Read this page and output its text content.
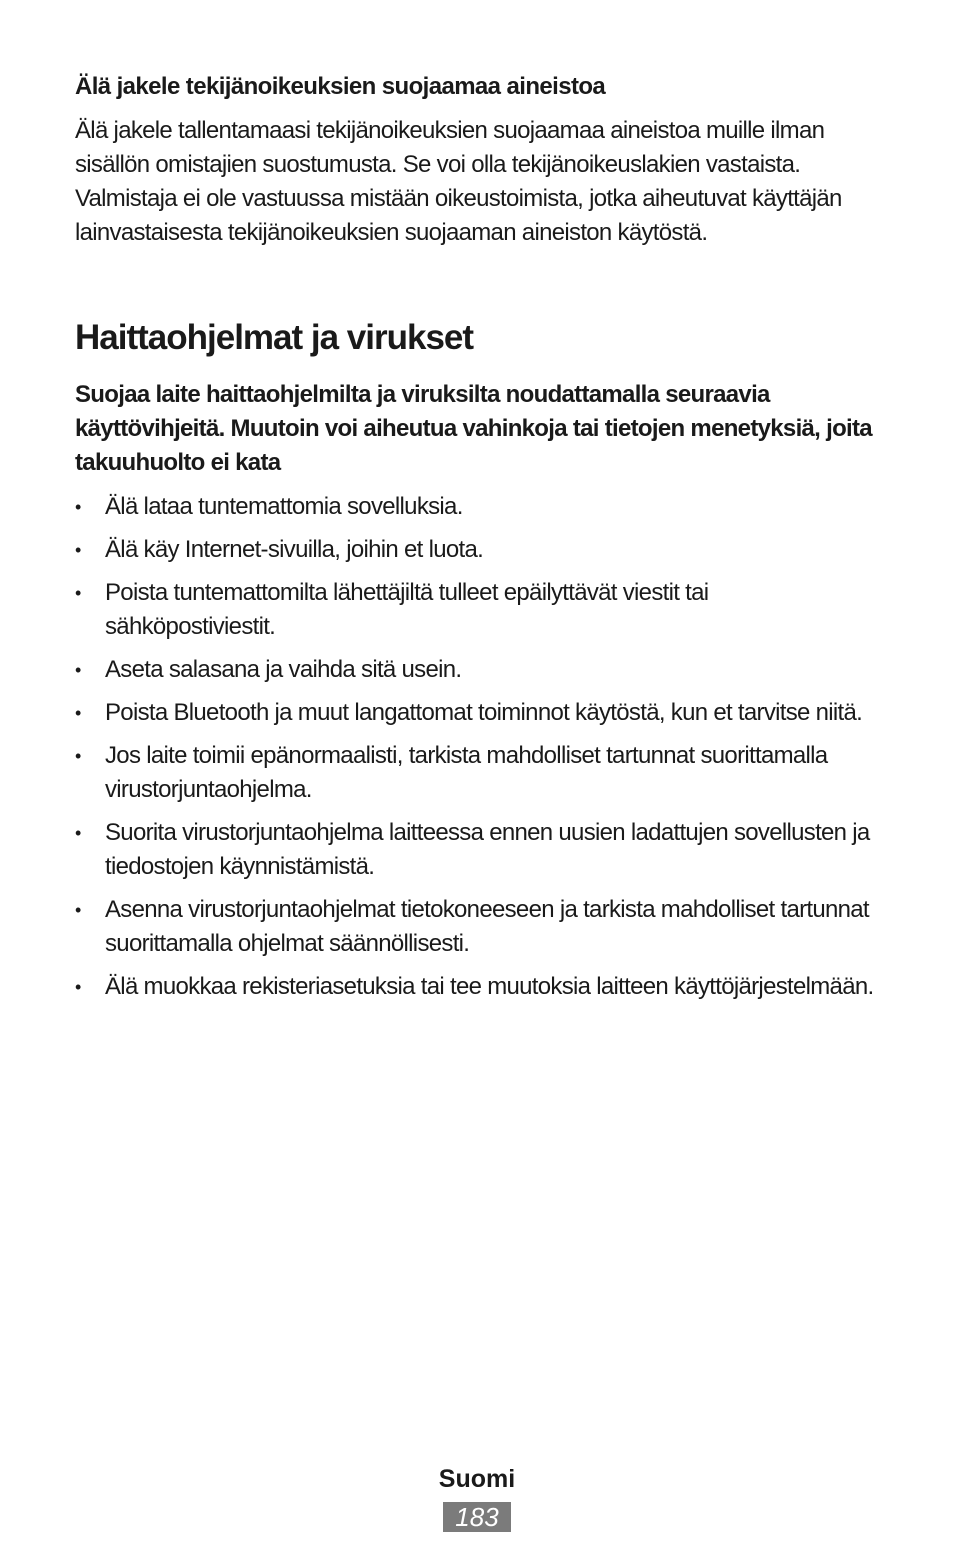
Älä jakele tekijänoikeuksien suojaamaa aineistoa

Älä jakele tallentamaasi tekijänoikeuksien suojaamaa aineistoa muille ilman sisällön omistajien suostumusta. Se voi olla tekijänoikeuslakien vastaista. Valmistaja ei ole vastuussa mistään oikeustoimista, jotka aiheutuvat käyttäjän lainvastaisesta tekijänoikeuksien suojaaman aineiston käytöstä.

Haittaohjelmat ja virukset

Suojaa laite haittaohjelmilta ja viruksilta noudattamalla seuraavia käyttövihjeitä. Muutoin voi aiheutua vahinkoja tai tietojen menetyksiä, joita takuuhuolto ei kata

• Älä lataa tuntemattomia sovelluksia.
• Älä käy Internet-sivuilla, joihin et luota.
• Poista tuntemattomilta lähettäjiltä tulleet epäilyttävät viestit tai sähköpostiviestit.
• Aseta salasana ja vaihda sitä usein.
• Poista Bluetooth ja muut langattomat toiminnot käytöstä, kun et tarvitse niitä.
• Jos laite toimii epänormaalisti, tarkista mahdolliset tartunnat suorittamalla virustorjuntaohjelma.
• Suorita virustorjuntaohjelma laitteessa ennen uusien ladattujen sovellusten ja tiedostojen käynnistämistä.
• Asenna virustorjuntaohjelmat tietokoneeseen ja tarkista mahdolliset tartunnat suorittamalla ohjelmat säännöllisesti.
• Älä muokkaa rekisteriasetuksia tai tee muutoksia laitteen käyttöjärjestelmään.
Suomi
183
